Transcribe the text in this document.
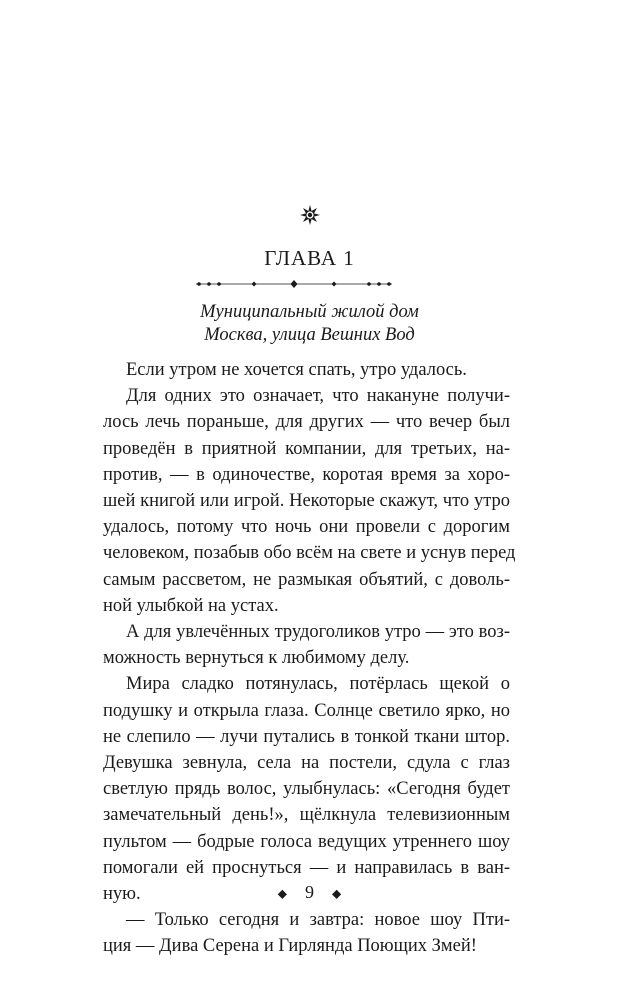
ГЛАВА 1
Муниципальный жилой дом
Москва, улица Вешних Вод
Если утром не хочется спать, утро удалось.
Для одних это означает, что накануне получи-
лось лечь пораньше, для других — что вечер был
проведён в приятной компании, для третьих, на-
против, — в одиночестве, коротая время за хоро-
шей книгой или игрой. Некоторые скажут, что утро
удалось, потому что ночь они провели с дорогим
человеком, позабыв обо всём на свете и уснув перед
самым рассветом, не размыкая объятий, с доволь-
ной улыбкой на устах.
А для увлечённых трудоголиков утро — это воз-
можность вернуться к любимому делу.
Мира сладко потянулась, потёрлась щекой о
подушку и открыла глаза. Солнце светило ярко, но
не слепило — лучи путались в тонкой ткани штор.
Девушка зевнула, села на постели, сдула с глаз
светлую прядь волос, улыбнулась: «Сегодня будет
замечательный день!», щёлкнула телевизионным
пультом — бодрые голоса ведущих утреннего шоу
помогали ей проснуться — и направилась в ван-
ную.
— Только сегодня и завтра: новое шоу Пти-
ция — Дива Серена и Гирлянда Поющих Змей!
◆ 9 ◆
